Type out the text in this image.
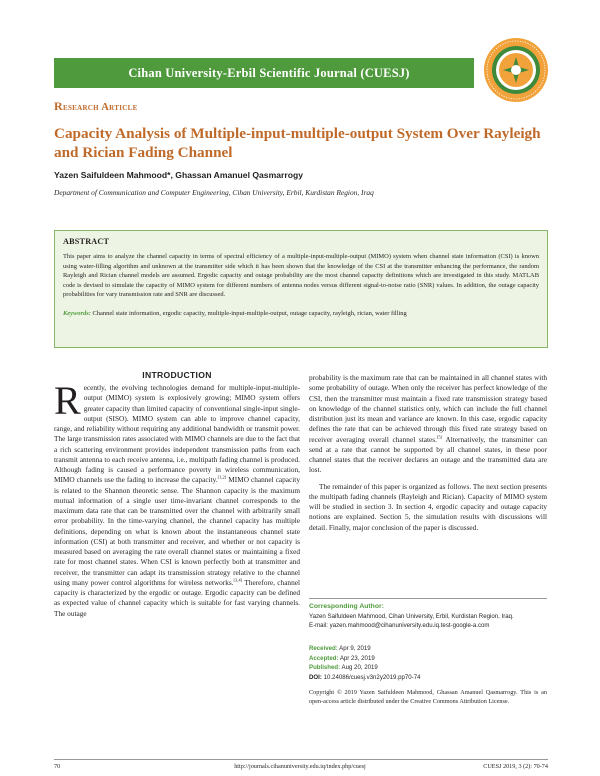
Cihan University-Erbil Scientific Journal (CUESJ)
Research Article
Capacity Analysis of Multiple-input-multiple-output System Over Rayleigh and Rician Fading Channel
Yazen Saifuldeen Mahmood*, Ghassan Amanuel Qasmarrogy
Department of Communication and Computer Engineering, Cihan University, Erbil, Kurdistan Region, Iraq
ABSTRACT
This paper aims to analyze the channel capacity in terms of spectral efficiency of a multiple-input-multiple-output (MIMO) system when channel state information (CSI) is known using water-filling algorithm and unknown at the transmitter side which it has been shown that the knowledge of the CSI at the transmitter enhancing the performance, the random Rayleigh and Rician channel models are assumed. Ergodic capacity and outage probability are the most channel capacity definitions which are investigated in this study. MATLAB code is devised to simulate the capacity of MIMO system for different numbers of antenna nodes versus different signal-to-noise ratio (SNR) values. In addition, the outage capacity probabilities for vary transmission rate and SNR are discussed.
Keywords: Channel state information, ergodic capacity, multiple-input-multiple-output, outage capacity, rayleigh, rician, water filling
INTRODUCTION
Recently, the evolving technologies demand for multiple-input-multiple-output (MIMO) system is explosively growing; MIMO system offers greater capacity than limited capacity of conventional single-input single-output (SISO). MIMO system can able to improve channel capacity, range, and reliability without requiring any additional bandwidth or transmit power. The large transmission rates associated with MIMO channels are due to the fact that a rich scattering environment provides independent transmission paths from each transmit antenna to each receive antenna, i.e., multipath fading channel is produced. Although fading is caused a performance poverty in wireless communication, MIMO channels use the fading to increase the capacity.[1,2] MIMO channel capacity is related to the Shannon theoretic sense. The Shannon capacity is the maximum mutual information of a single user time-invariant channel corresponds to the maximum data rate that can be transmitted over the channel with arbitrarily small error probability. In the time-varying channel, the channel capacity has multiple definitions, depending on what is known about the instantaneous channel state information (CSI) at both transmitter and receiver, and whether or not capacity is measured based on averaging the rate overall channel states or maintaining a fixed rate for most channel states. When CSI is known perfectly both at transmitter and receiver, the transmitter can adapt its transmission strategy relative to the channel using many power control algorithms for wireless networks.[3,4] Therefore, channel capacity is characterized by the ergodic or outage. Ergodic capacity can be defined as expected value of channel capacity which is suitable for fast varying channels. The outage

probability is the maximum rate that can be maintained in all channel states with some probability of outage. When only the receiver has perfect knowledge of the CSI, then the transmitter must maintain a fixed rate transmission strategy based on knowledge of the channel statistics only, which can include the full channel distribution just its mean and variance are known. In this case, ergodic capacity defines the rate that can be achieved through this fixed rate strategy based on receiver averaging overall channel states.[5] Alternatively, the transmitter can send at a rate that cannot be supported by all channel states, in these poor channel states that the receiver declares an outage and the transmitted data are lost.

The remainder of this paper is organized as follows. The next section presents the multipath fading channels (Rayleigh and Rician). Capacity of MIMO system will be studied in section 3. In section 4, ergodic capacity and outage capacity notions are explained. Section 5, the simulation results with discussions will detail. Finally, major conclusion of the paper is discussed.

Corresponding Author:
Yazen Saifuldeen Mahmood, Cihan University, Erbil, Kurdistan Region, Iraq.
E-mail: yazen.mahmood@cihanuniversity.edu.iq.test-google-a.com
Received: Apr 9, 2019
Accepted: Apr 23, 2019
Published: Aug 20, 2019
DOI: 10.24086/cuesj.v3n2y2019.pp70-74
Copyright © 2019 Yazen Saifuldeen Mahmood, Ghassan Amanuel Qasmarrogy. This is an open-access article distributed under the Creative Commons Attribution License.
http://journals.cihanuniversity.edu.iq/index.php/cuesj
70	CUESJ 2019, 3 (2): 70-74
